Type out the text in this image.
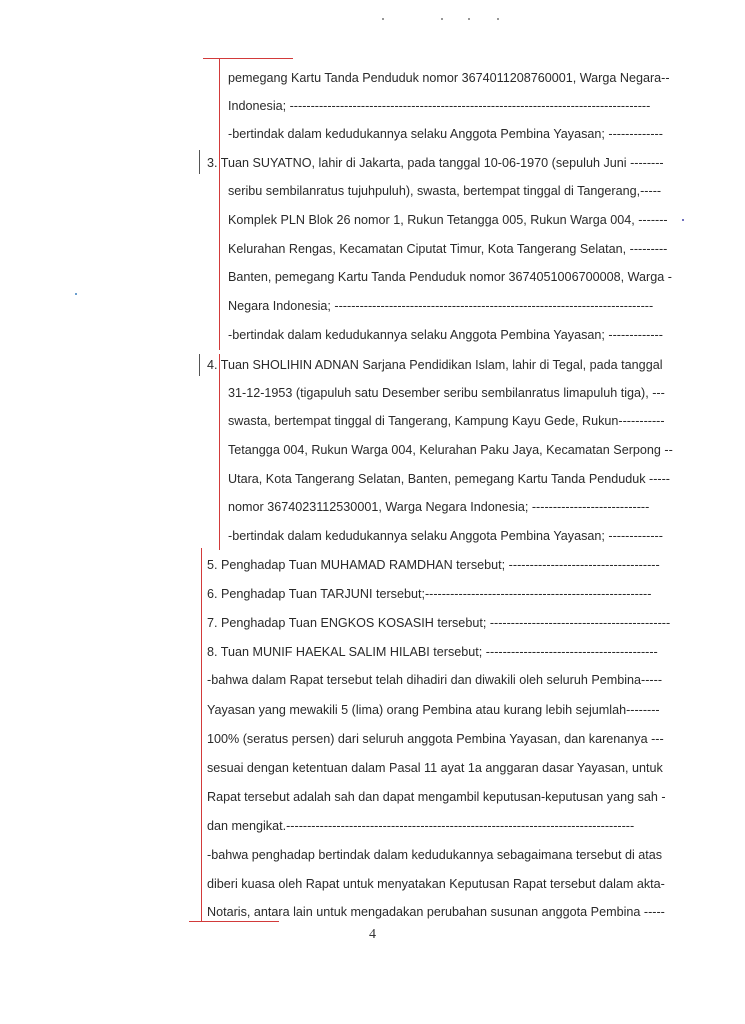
pemegang Kartu Tanda Penduduk nomor 3674011208760001, Warga Negara--
Indonesia; --------------------------------------------------------------------------------------
-bertindak dalam kedudukannya selaku Anggota Pembina Yayasan; -------------
3. Tuan SUYATNO, lahir di Jakarta, pada tanggal 10-06-1970 (sepuluh Juni --------
seribu sembilanratus tujuhpuluh), swasta, bertempat tinggal di Tangerang,-----
Komplek PLN Blok 26 nomor 1, Rukun Tetangga 005, Rukun Warga 004, -------
Kelurahan Rengas, Kecamatan Ciputat Timur, Kota Tangerang Selatan, ---------
Banten, pemegang Kartu Tanda Penduduk nomor 3674051006700008, Warga -
Negara Indonesia; ----------------------------------------------------------------------------
-bertindak dalam kedudukannya selaku Anggota Pembina Yayasan; -------------
4. Tuan SHOLIHIN ADNAN Sarjana Pendidikan Islam, lahir di Tegal, pada tanggal
31-12-1953 (tigapuluh satu Desember seribu sembilanratus limapuluh tiga), ---
swasta, bertempat tinggal di Tangerang, Kampung Kayu Gede, Rukun-----------
Tetangga 004, Rukun Warga 004, Kelurahan Paku Jaya, Kecamatan Serpong --
Utara, Kota Tangerang Selatan, Banten, pemegang Kartu Tanda Penduduk -----
nomor 3674023112530001, Warga Negara Indonesia; ----------------------------
-bertindak dalam kedudukannya selaku Anggota Pembina Yayasan; -------------
5. Penghadap Tuan MUHAMAD RAMDHAN tersebut; ------------------------------------
6. Penghadap Tuan TARJUNI tersebut;------------------------------------------------------
7. Penghadap Tuan ENGKOS KOSASIH tersebut; -------------------------------------------
8. Tuan MUNIF HAEKAL SALIM HILABI tersebut; -----------------------------------------
-bahwa dalam Rapat tersebut telah dihadiri dan diwakili oleh seluruh Pembina-----
Yayasan yang mewakili 5 (lima) orang Pembina atau kurang lebih sejumlah--------
100% (seratus persen) dari seluruh anggota Pembina Yayasan, dan karenanya ---
sesuai dengan ketentuan dalam Pasal 11 ayat 1a anggaran dasar Yayasan, untuk
Rapat tersebut adalah sah dan dapat mengambil keputusan-keputusan yang sah -
dan mengikat.-----------------------------------------------------------------------------------
-bahwa penghadap bertindak dalam kedudukannya sebagaimana tersebut di atas
diberi kuasa oleh Rapat untuk menyatakan Keputusan Rapat tersebut dalam akta-
Notaris, antara lain untuk mengadakan perubahan susunan anggota Pembina -----
4
